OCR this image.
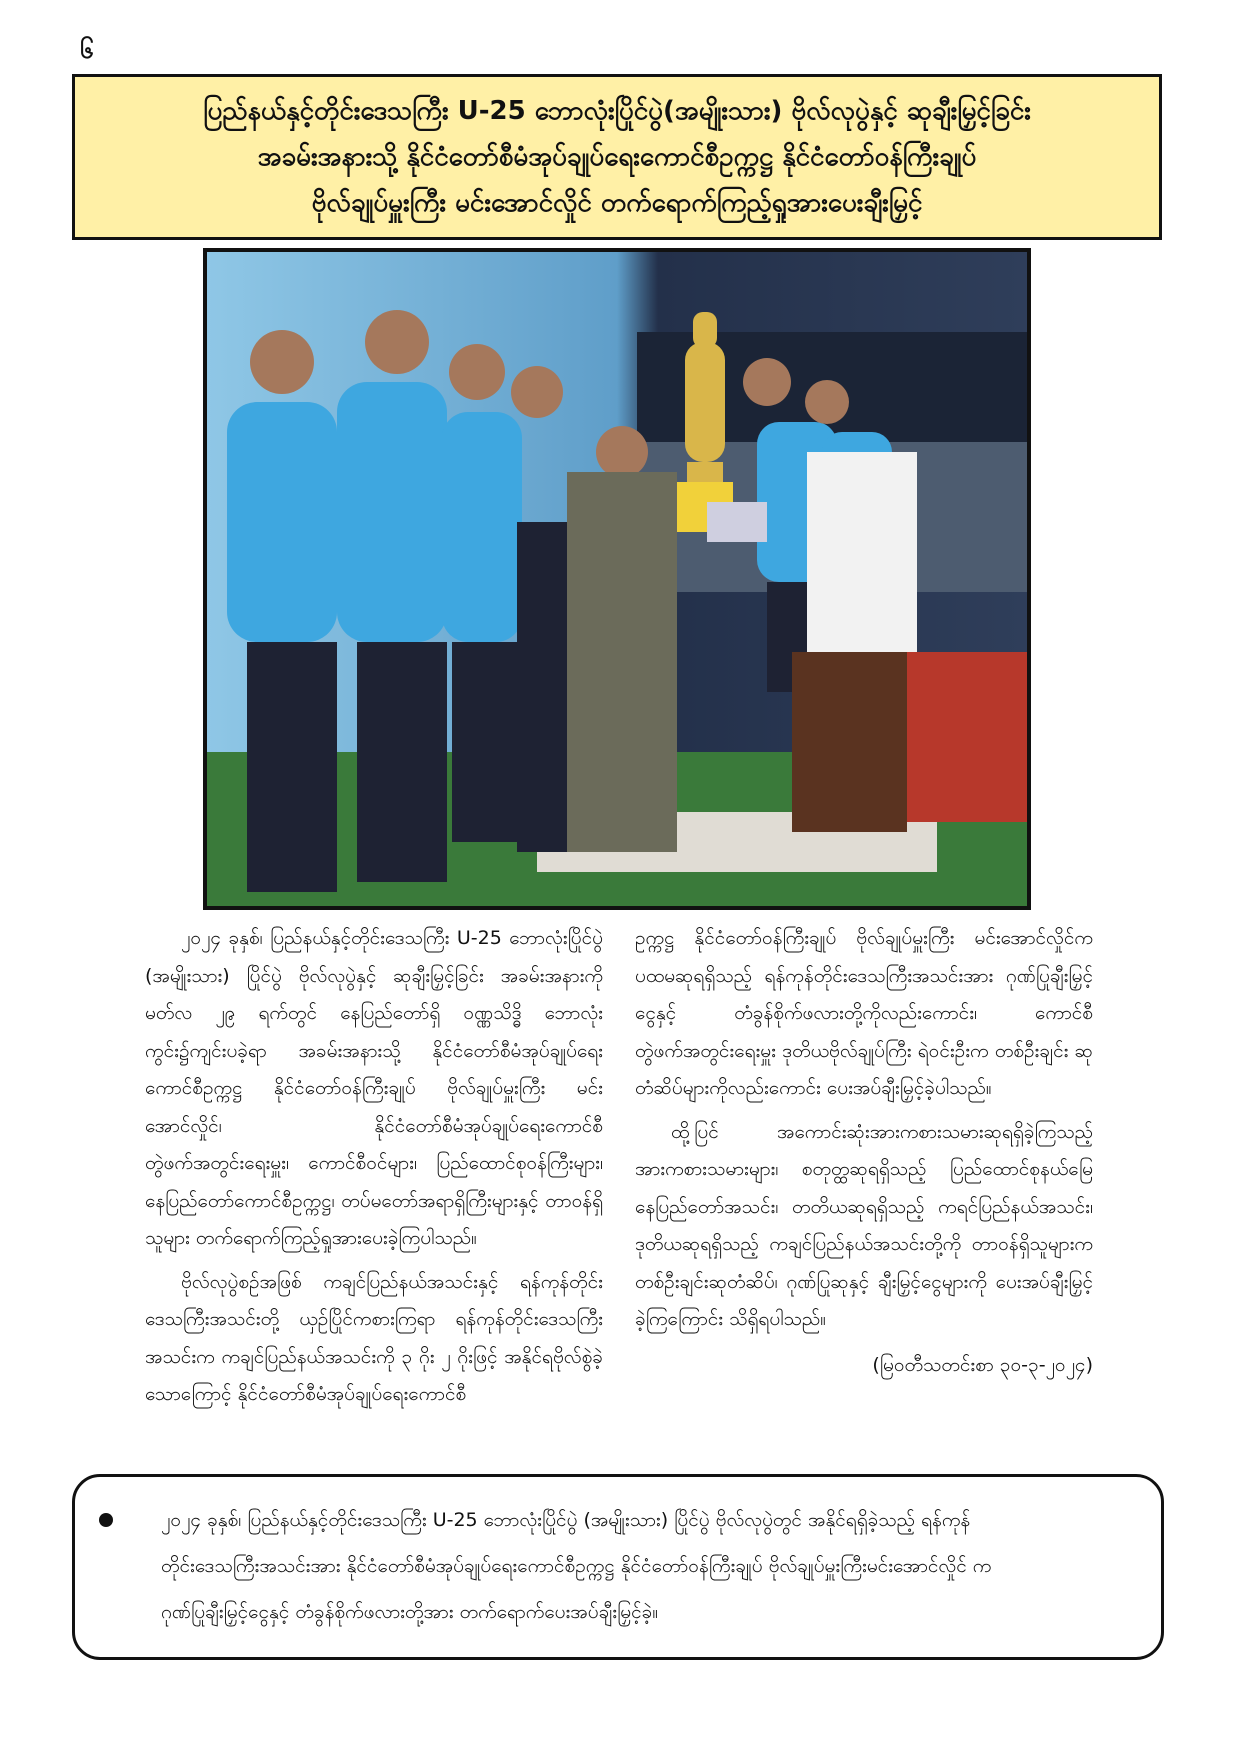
၆
ပြည်နယ်နှင့်တိုင်းဒေသကြီး U-25 ဘောလုံးပြိုင်ပွဲ(အမျိုးသား) ဗိုလ်လုပွဲနှင့် ဆုချီးမြှင့်ခြင်း
အခမ်းအနားသို့ နိုင်ငံတော်စီမံအုပ်ချုပ်ရေးကောင်စီဥက္ကဋ္ဌ နိုင်ငံတော်ဝန်ကြီးချုပ်
ဗိုလ်ချုပ်မှူးကြီး မင်းအောင်လှိုင် တက်ရောက်ကြည့်ရှုအားပေးချီးမြှင့်

၂၀၂၄ ခုနှစ်၊ ပြည်နယ်နှင့်တိုင်းဒေသကြီး U-25 ဘောလုံးပြိုင်ပွဲ (အမျိုးသား) ပြိုင်ပွဲ ဗိုလ်လုပွဲနှင့် ဆုချီးမြှင့်ခြင်း အခမ်းအနားကို မတ်လ ၂၉ ရက်တွင် နေပြည်တော်ရှိ ဝဏ္ဏသိဒ္ဓိ ဘောလုံးကွင်း၌ကျင်းပခဲ့ရာ အခမ်းအနားသို့ နိုင်ငံတော်စီမံအုပ်ချုပ်ရေးကောင်စီဥက္ကဋ္ဌ နိုင်ငံတော်ဝန်ကြီးချုပ် ဗိုလ်ချုပ်မှူးကြီး မင်းအောင်လှိုင်၊ နိုင်ငံတော်စီမံအုပ်ချုပ်ရေးကောင်စီ တွဲဖက်အတွင်းရေးမှူး၊ ကောင်စီဝင်များ၊ ပြည်ထောင်စုဝန်ကြီးများ၊ နေပြည်တော်ကောင်စီဥက္ကဋ္ဌ၊ တပ်မတော်အရာရှိကြီးများနှင့် တာဝန်ရှိသူများ တက်ရောက်ကြည့်ရှုအားပေးခဲ့ကြပါသည်။

ဗိုလ်လုပွဲစဉ်အဖြစ် ကချင်ပြည်နယ်အသင်းနှင့် ရန်ကုန်တိုင်းဒေသကြီးအသင်းတို့ ယှဉ်ပြိုင်ကစားကြရာ ရန်ကုန်တိုင်းဒေသကြီးအသင်းက ကချင်ပြည်နယ်အသင်းကို ၃ ဂိုး ၂ ဂိုးဖြင့် အနိုင်ရဗိုလ်စွဲခဲ့သောကြောင့် နိုင်ငံတော်စီမံအုပ်ချုပ်ရေးကောင်စီ

ဥက္ကဋ္ဌ နိုင်ငံတော်ဝန်ကြီးချုပ် ဗိုလ်ချုပ်မှူးကြီး မင်းအောင်လှိုင်က ပထမဆုရရှိသည့် ရန်ကုန်တိုင်းဒေသကြီးအသင်းအား ဂုဏ်ပြုချီးမြှင့်ငွေနှင့် တံခွန်စိုက်ဖလားတို့ကိုလည်းကောင်း၊ ကောင်စီတွဲဖက်အတွင်းရေးမှူး ဒုတိယဗိုလ်ချုပ်ကြီး ရဲဝင်းဦးက တစ်ဦးချင်း ဆုတံဆိပ်များကိုလည်းကောင်း ပေးအပ်ချီးမြှင့်ခဲ့ပါသည်။

ထို့ပြင် အကောင်းဆုံးအားကစားသမားဆုရရှိခဲ့ကြသည့် အားကစားသမားများ၊ စတုတ္ထဆုရရှိသည့် ပြည်ထောင်စုနယ်မြေ နေပြည်တော်အသင်း၊ တတိယဆုရရှိသည့် ကရင်ပြည်နယ်အသင်း၊ ဒုတိယဆုရရှိသည့် ကချင်ပြည်နယ်အသင်းတို့ကို တာဝန်ရှိသူများက တစ်ဦးချင်းဆုတံဆိပ်၊ ဂုဏ်ပြုဆုနှင့် ချီးမြှင့်ငွေများကို ပေးအပ်ချီးမြှင့်ခဲ့ကြကြောင်း သိရှိရပါသည်။

(မြဝတီသတင်းစာ ၃၀-၃-၂၀၂၄)
၂၀၂၄ ခုနှစ်၊ ပြည်နယ်နှင့်တိုင်းဒေသကြီး U-25 ဘောလုံးပြိုင်ပွဲ (အမျိုးသား) ပြိုင်ပွဲ ဗိုလ်လုပွဲတွင် အနိုင်ရရှိခဲ့သည့် ရန်ကုန်
တိုင်းဒေသကြီးအသင်းအား နိုင်ငံတော်စီမံအုပ်ချုပ်ရေးကောင်စီဥက္ကဋ္ဌ နိုင်ငံတော်ဝန်ကြီးချုပ် ဗိုလ်ချုပ်မှူးကြီးမင်းအောင်လှိုင် က
ဂုဏ်ပြုချီးမြှင့်ငွေနှင့် တံခွန်စိုက်ဖလားတို့အား တက်ရောက်ပေးအပ်ချီးမြှင့်ခဲ့။
